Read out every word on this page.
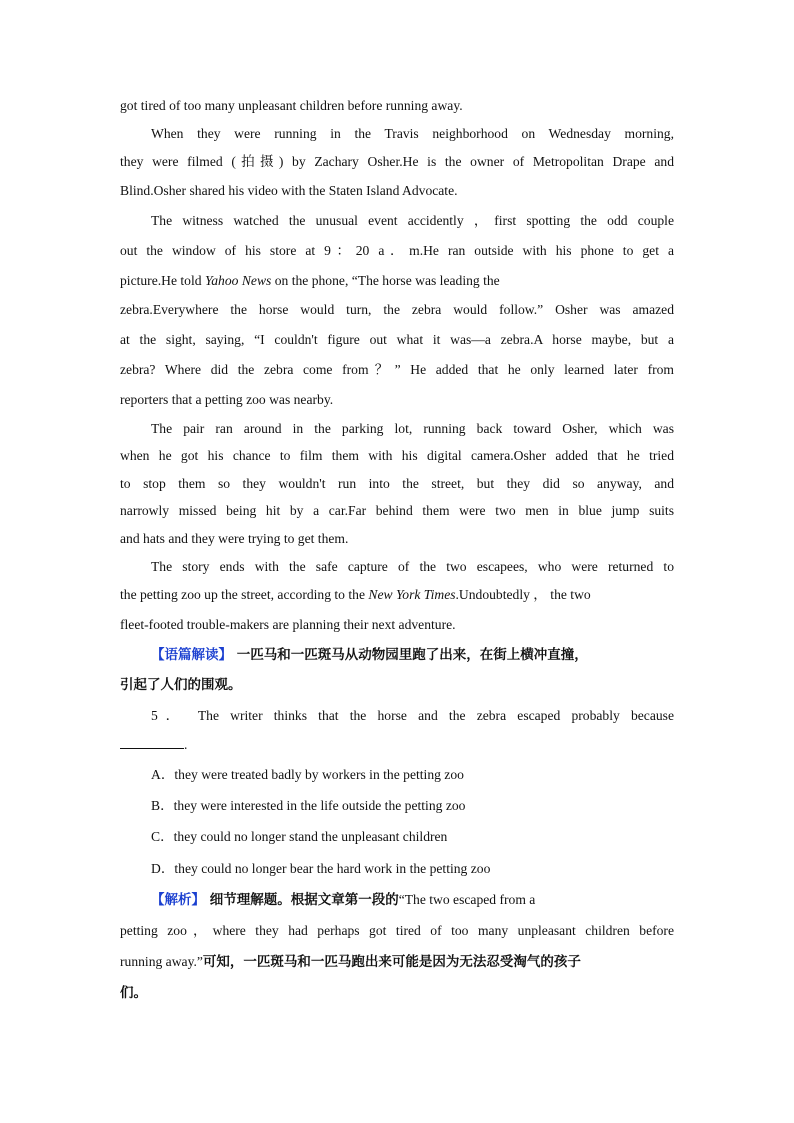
got tired of too many unpleasant children before running away.
When they were running in the Travis neighborhood on Wednesday morning,
they were filmed (拍摄) by Zachary Osher.He is the owner of Metropolitan Drape and
Blind.Osher shared his video with the Staten Island Advocate.
The witness watched the unusual event accidently ，first spotting the odd couple
out the window of his store at 9：20 a．m.He ran outside with his phone to get a
picture.He told Yahoo News on the phone, “The horse was leading the
zebra.Everywhere the horse would turn, the zebra would follow.” Osher was amazed
at the sight, saying, “I couldn't figure out what it was—a zebra.A horse maybe, but a
zebra? Where did the zebra come from？” He added that he only learned later from
reporters that a petting zoo was nearby.
The pair ran around in the parking lot, running back toward Osher, which was
when he got his chance to film them with his digital camera.Osher added that he tried
to stop them so they wouldn't run into the street, but they did so anyway, and
narrowly missed being hit by a car.Far behind them were two men in blue jump suits
and hats and they were trying to get them.
The story ends with the safe capture of the two escapees, who were returned to
the petting zoo up the street, according to the New York Times.Undoubtedly ， the two
fleet-footed trouble-makers are planning their next adventure.
【语篇解读】 一匹马和一匹斑马从动物园里跑了出来，在街上横冲直撞，
引起了人们的围观。
5． The writer thinks that the horse and the zebra escaped probably because
.
A．they were treated badly by workers in the petting zoo
B．they were interested in the life outside the petting zoo
C．they could no longer stand the unpleasant children
D．they could no longer bear the hard work in the petting zoo
【解析】 细节理解题。根据文章第一段的“The two escaped from a
petting zoo，where they had perhaps got tired of too many unpleasant children before
running away.”可知，一匹斑马和一匹马跑出来可能是因为无法忍受淘气的孩子
们。
